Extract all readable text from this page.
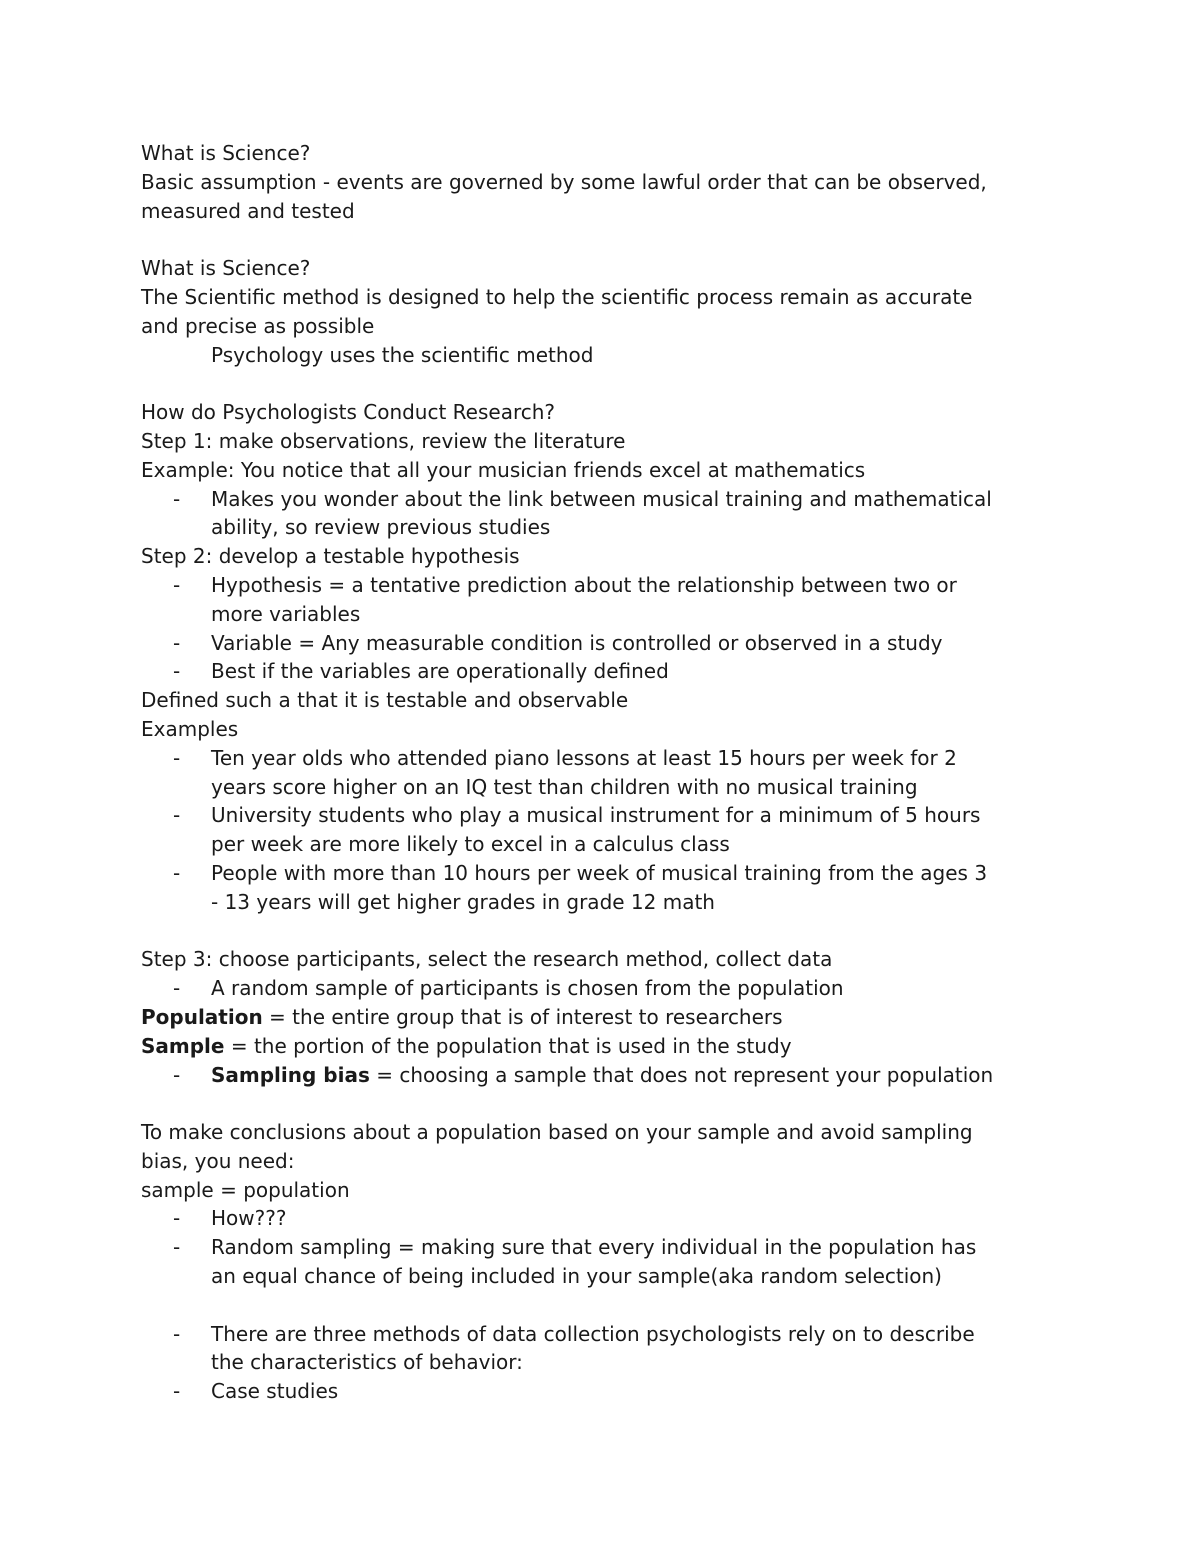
What is Science?

Basic assumption - events are governed by some lawful order that can be observed,

measured and tested

What is Science?

The Scientific method is designed to help the scientific process remain as accurate

and precise as possible

Psychology uses the scientific method

How do Psychologists Conduct Research?

Step 1: make observations, review the literature

Example: You notice that all your musician friends excel at mathematics

- Makes you wonder about the link between musical training and mathematical
ability, so review previous studies

Step 2: develop a testable hypothesis

- Hypothesis = a tentative prediction about the relationship between two or
more variables
- Variable = Any measurable condition is controlled or observed in a study
- Best if the variables are operationally defined

Defined such a that it is testable and observable

Examples

- Ten year olds who attended piano lessons at least 15 hours per week for 2
years score higher on an IQ test than children with no musical training
- University students who play a musical instrument for a minimum of 5 hours
per week are more likely to excel in a calculus class
- People with more than 10 hours per week of musical training from the ages 3
- 13 years will get higher grades in grade 12 math

Step 3: choose participants, select the research method, collect data

- A random sample of participants is chosen from the population

Population = the entire group that is of interest to researchers

Sample = the portion of the population that is used in the study

- Sampling bias = choosing a sample that does not represent your population

To make conclusions about a population based on your sample and avoid sampling

bias, you need:

sample = population

- How???
- Random sampling = making sure that every individual in the population has
an equal chance of being included in your sample(aka random selection)
- There are three methods of data collection psychologists rely on to describe
the characteristics of behavior:
- Case studies
